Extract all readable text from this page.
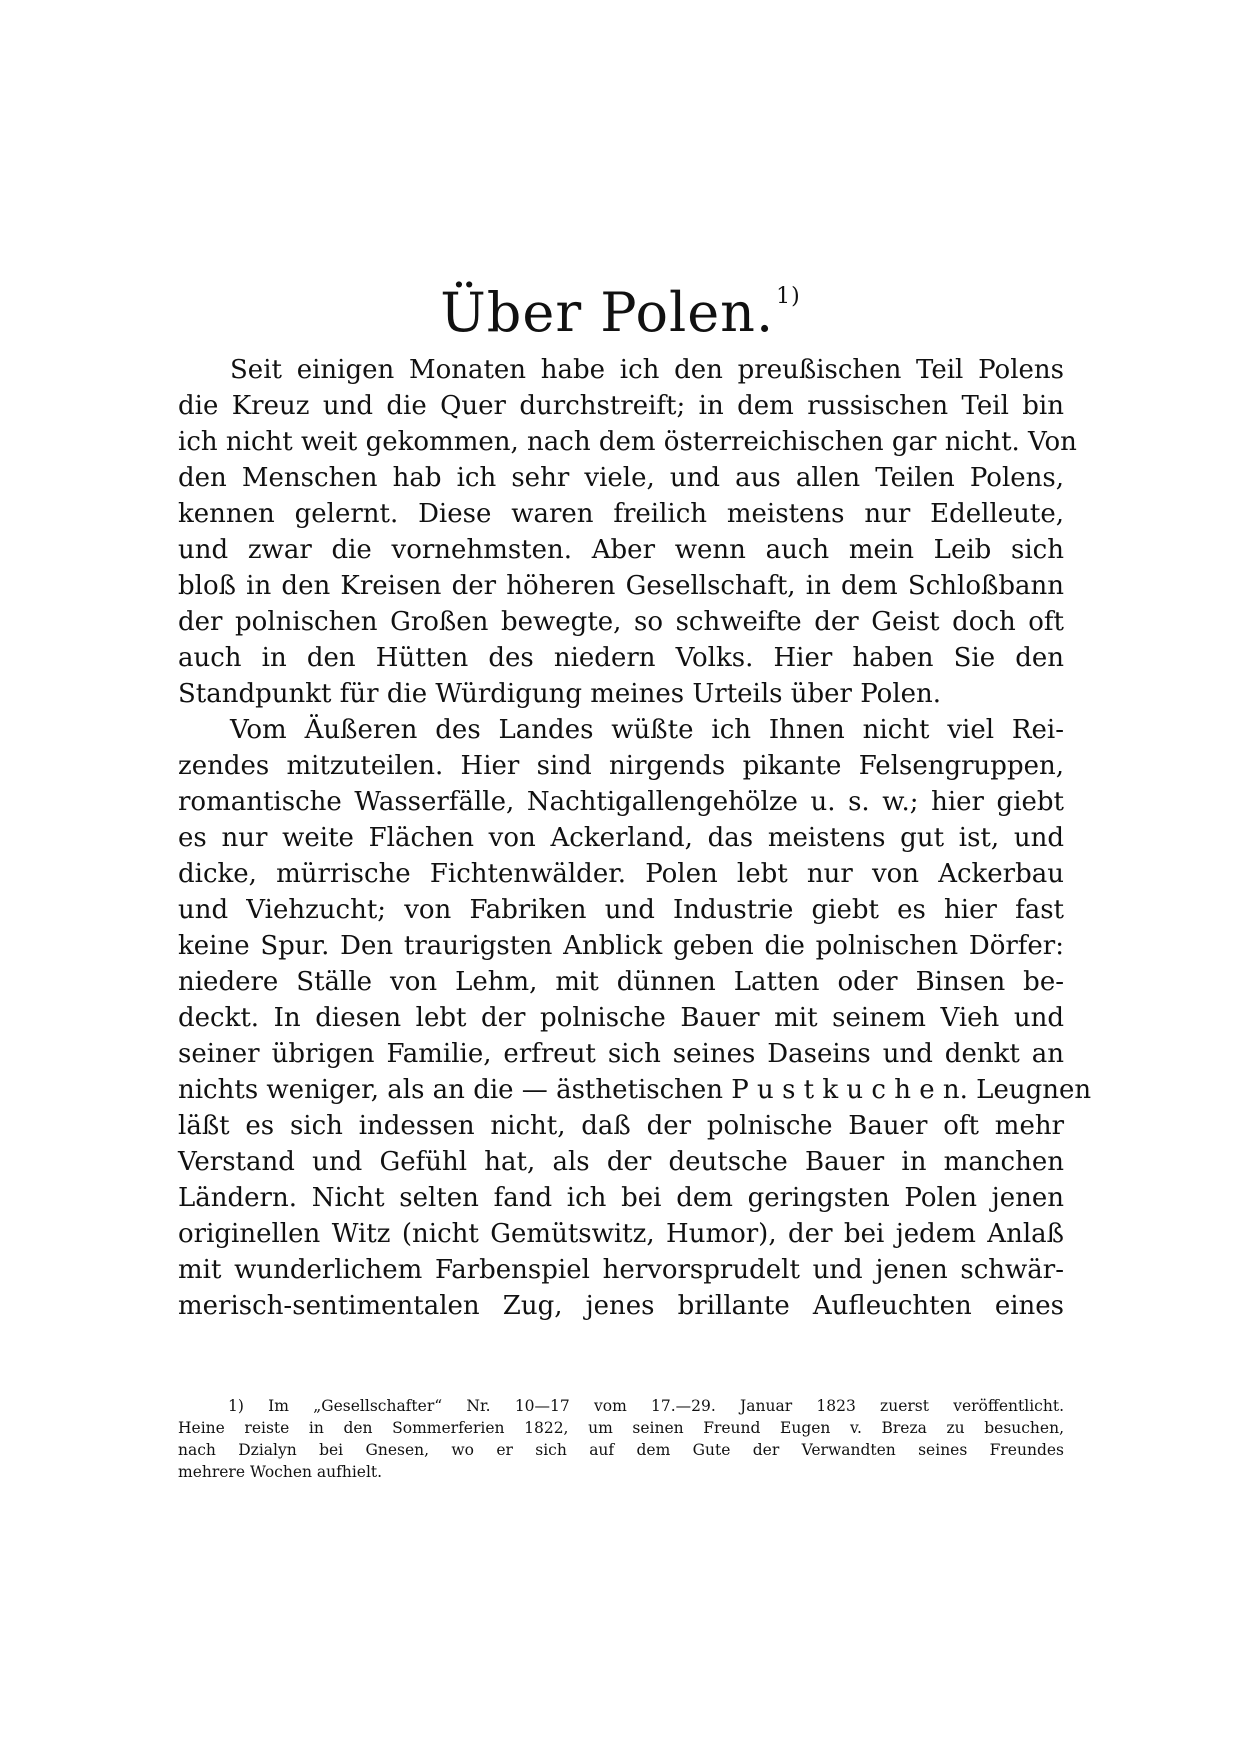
Über Polen.$^{1)}$
Seit einigen Monaten habe ich den preußischen Teil Polens
die Kreuz und die Quer durchstreift; in dem russischen Teil bin
ich nicht weit gekommen, nach dem österreichischen gar nicht. Von
den Menschen hab ich sehr viele, und aus allen Teilen Polens,
kennen gelernt. Diese waren freilich meistens nur Edelleute,
und zwar die vornehmsten. Aber wenn auch mein Leib sich
bloß in den Kreisen der höheren Gesellschaft, in dem Schloßbann
der polnischen Großen bewegte, so schweifte der Geist doch oft
auch in den Hütten des niedern Volks. Hier haben Sie den
Standpunkt für die Würdigung meines Urteils über Polen.
Vom Äußeren des Landes wüßte ich Ihnen nicht viel Rei-
zendes mitzuteilen. Hier sind nirgends pikante Felsengruppen,
romantische Wasserfälle, Nachtigallengehölze u. s. w.; hier giebt
es nur weite Flächen von Ackerland, das meistens gut ist, und
dicke, mürrische Fichtenwälder. Polen lebt nur von Ackerbau
und Viehzucht; von Fabriken und Industrie giebt es hier fast
keine Spur. Den traurigsten Anblick geben die polnischen Dörfer:
niedere Ställe von Lehm, mit dünnen Latten oder Binsen be-
deckt. In diesen lebt der polnische Bauer mit seinem Vieh und
seiner übrigen Familie, erfreut sich seines Daseins und denkt an
nichts weniger, als an die — ästhetischen P u s t k u c h e n. Leugnen
läßt es sich indessen nicht, daß der polnische Bauer oft mehr
Verstand und Gefühl hat, als der deutsche Bauer in manchen
Ländern. Nicht selten fand ich bei dem geringsten Polen jenen
originellen Witz (nicht Gemütswitz, Humor), der bei jedem Anlaß
mit wunderlichem Farbenspiel hervorsprudelt und jenen schwär-
merisch-sentimentalen Zug, jenes brillante Aufleuchten eines
1) Im „Gesellschafter“ Nr. 10—17 vom 17.—29. Januar 1823 zuerst veröffentlicht.
Heine reiste in den Sommerferien 1822, um seinen Freund Eugen v. Breza zu besuchen,
nach Dzialyn bei Gnesen, wo er sich auf dem Gute der Verwandten seines Freundes
mehrere Wochen aufhielt.
